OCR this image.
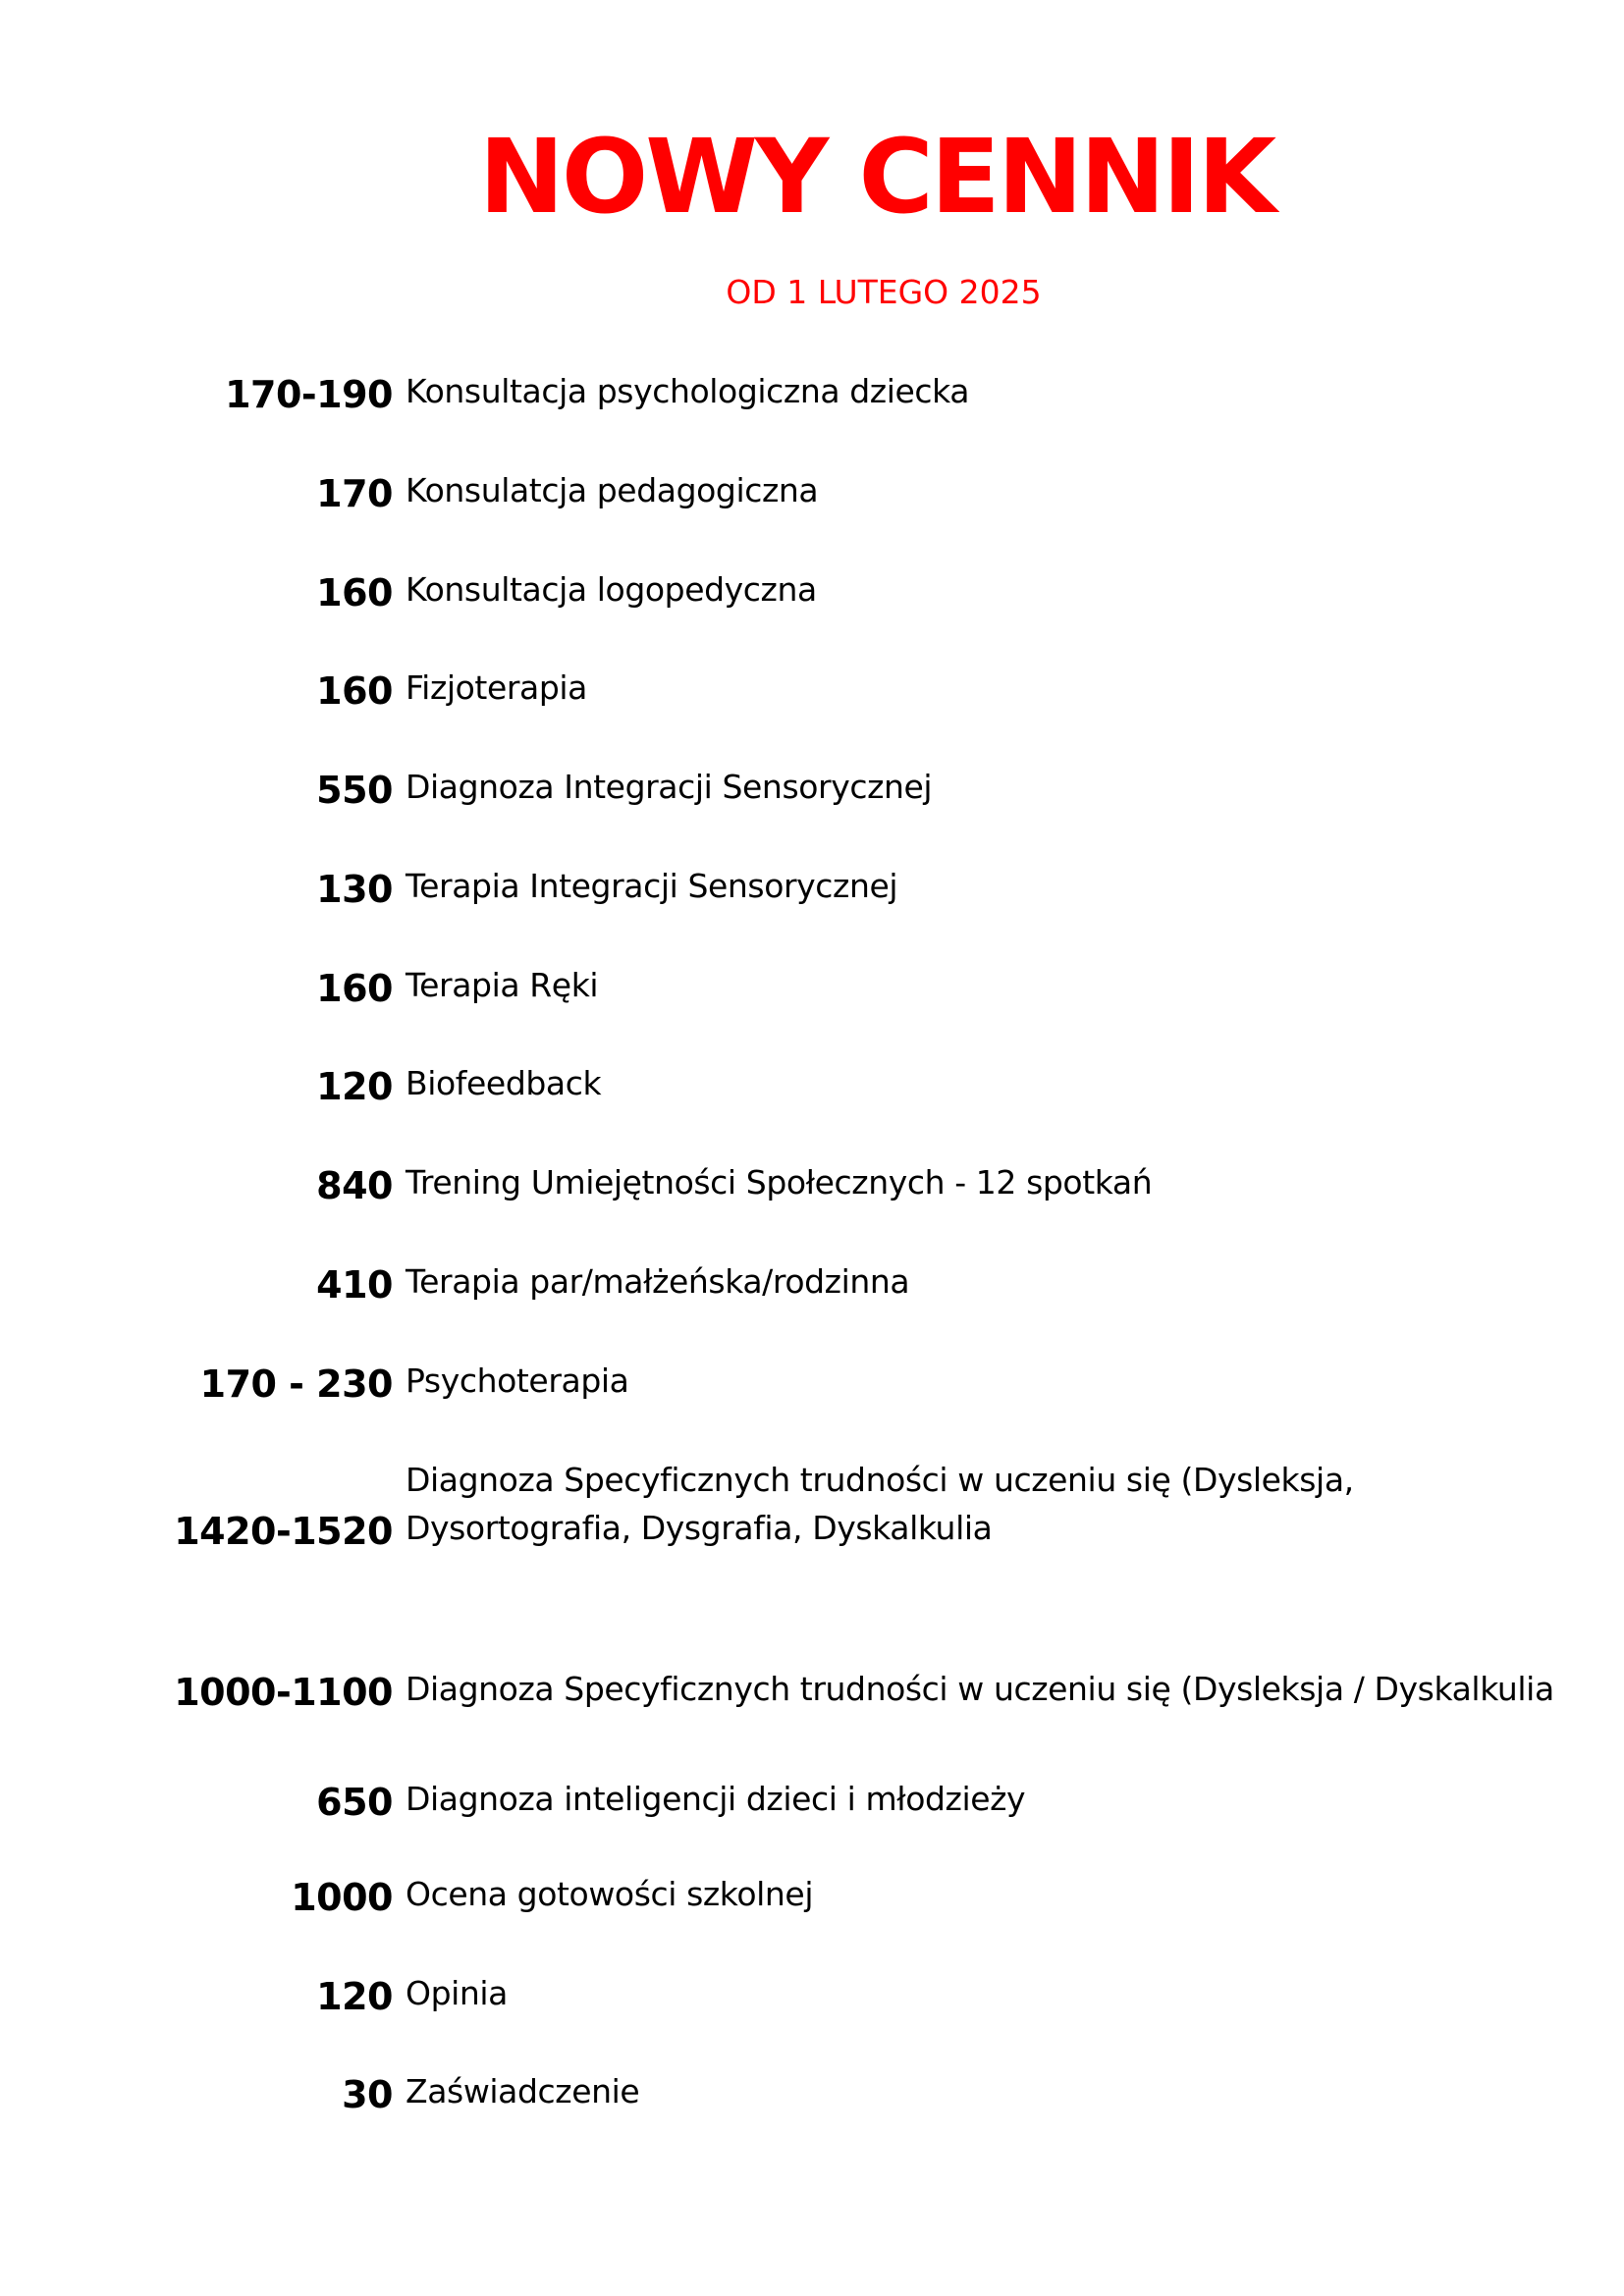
NOWY CENNIK
OD 1 LUTEGO 2025
170-190 Konsultacja psychologiczna dziecka
170 Konsulatcja pedagogiczna
160 Konsultacja logopedyczna
160 Fizjoterapia
550 Diagnoza Integracji Sensorycznej
130 Terapia Integracji Sensorycznej
160 Terapia Ręki
120 Biofeedback
840 Trening Umiejętności Społecznych - 12 spotkań
410 Terapia par/małżeńska/rodzinna
170 - 230 Psychoterapia
Diagnoza Specyficznych trudności w uczeniu się (Dysleksja,
1420-1520 Dysortografia, Dysgrafia, Dyskalkulia
1000-1100 Diagnoza Specyficznych trudności w uczeniu się (Dysleksja / Dyskalkulia
650 Diagnoza inteligencji dzieci i młodzieży
1000 Ocena gotowości szkolnej
120 Opinia
30 Zaświadczenie
